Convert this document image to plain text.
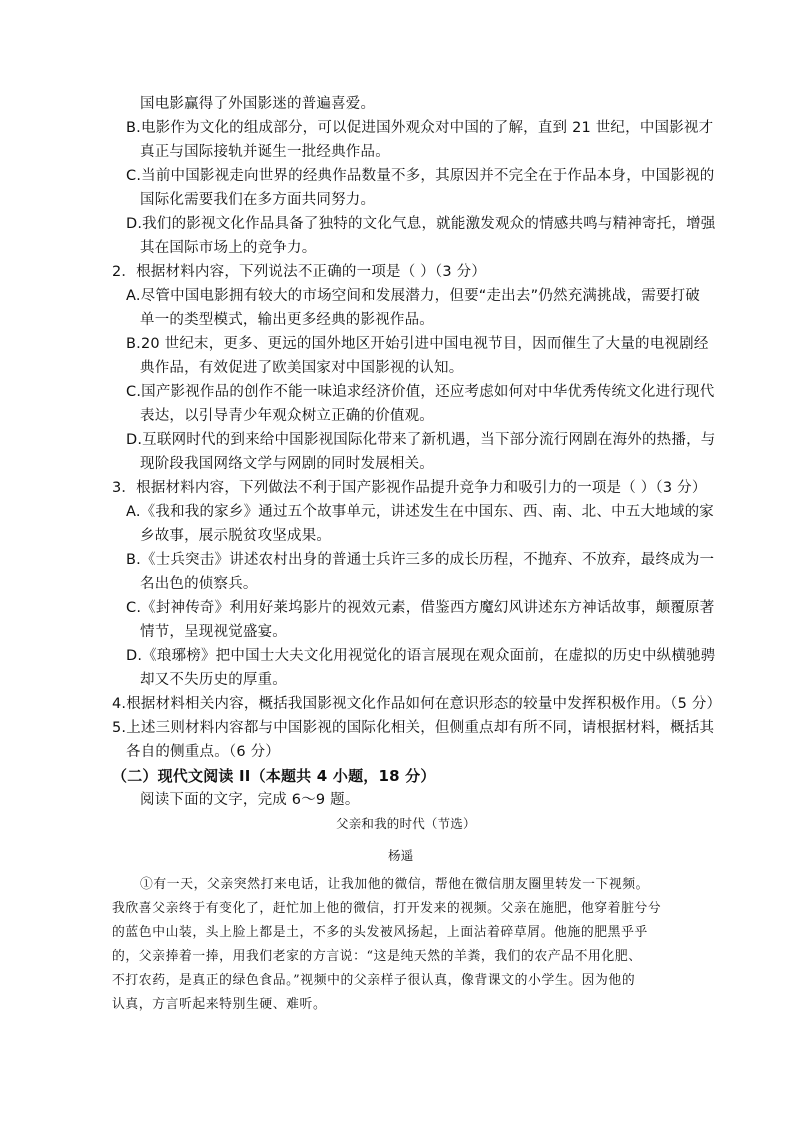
国电影赢得了外国影迷的普遍喜爱。
B.电影作为文化的组成部分，可以促进国外观众对中国的了解，直到 21 世纪，中国影视才
真正与国际接轨并诞生一批经典作品。
C.当前中国影视走向世界的经典作品数量不多，其原因并不完全在于作品本身，中国影视的
国际化需要我们在多方面共同努力。
D.我们的影视文化作品具备了独特的文化气息，就能激发观众的情感共鸣与精神寄托，增强
其在国际市场上的竞争力。
2．根据材料内容，下列说法不正确的一项是（ ）（3 分）
A.尽管中国电影拥有较大的市场空间和发展潜力，但要“走出去”仍然充满挑战，需要打破
单一的类型模式，输出更多经典的影视作品。
B.20 世纪末，更多、更远的国外地区开始引进中国电视节目，因而催生了大量的电视剧经
典作品，有效促进了欧美国家对中国影视的认知。
C.国产影视作品的创作不能一味追求经济价值，还应考虑如何对中华优秀传统文化进行现代
表达，以引导青少年观众树立正确的价值观。
D.互联网时代的到来给中国影视国际化带来了新机遇，当下部分流行网剧在海外的热播，与
现阶段我国网络文学与网剧的同时发展相关。
3．根据材料内容，下列做法不利于国产影视作品提升竞争力和吸引力的一项是（ ）（3 分）
A.《我和我的家乡》通过五个故事单元，讲述发生在中国东、西、南、北、中五大地域的家
乡故事，展示脱贫攻坚成果。
B.《士兵突击》讲述农村出身的普通士兵许三多的成长历程，不抛弃、不放弃，最终成为一
名出色的侦察兵。
C.《封神传奇》利用好莱坞影片的视效元素，借鉴西方魔幻风讲述东方神话故事，颠覆原著
情节，呈现视觉盛宴。
D.《琅琊榜》把中国士大夫文化用视觉化的语言展现在观众面前，在虚拟的历史中纵横驰骋
却又不失历史的厚重。
4.根据材料相关内容，概括我国影视文化作品如何在意识形态的较量中发挥积极作用。（5 分）
5.上述三则材料内容都与中国影视的国际化相关，但侧重点却有所不同，请根据材料，概括其
各自的侧重点。（6 分）
（二）现代文阅读 II（本题共 4 小题，18 分）
阅读下面的文字，完成 6～9 题。
父亲和我的时代（节选）
杨遥
①有一天，父亲突然打来电话，让我加他的微信，帮他在微信朋友圈里转发一下视频。
我欣喜父亲终于有变化了，赶忙加上他的微信，打开发来的视频。父亲在施肥，他穿着脏兮兮
的蓝色中山装，头上脸上都是土，不多的头发被风扬起，上面沾着碎草屑。他施的肥黑乎乎
的，父亲捧着一捧，用我们老家的方言说：“这是纯天然的羊粪，我们的农产品不用化肥、
不打农药，是真正的绿色食品。”视频中的父亲样子很认真，像背课文的小学生。因为他的
认真，方言听起来特别生硬、难听。
